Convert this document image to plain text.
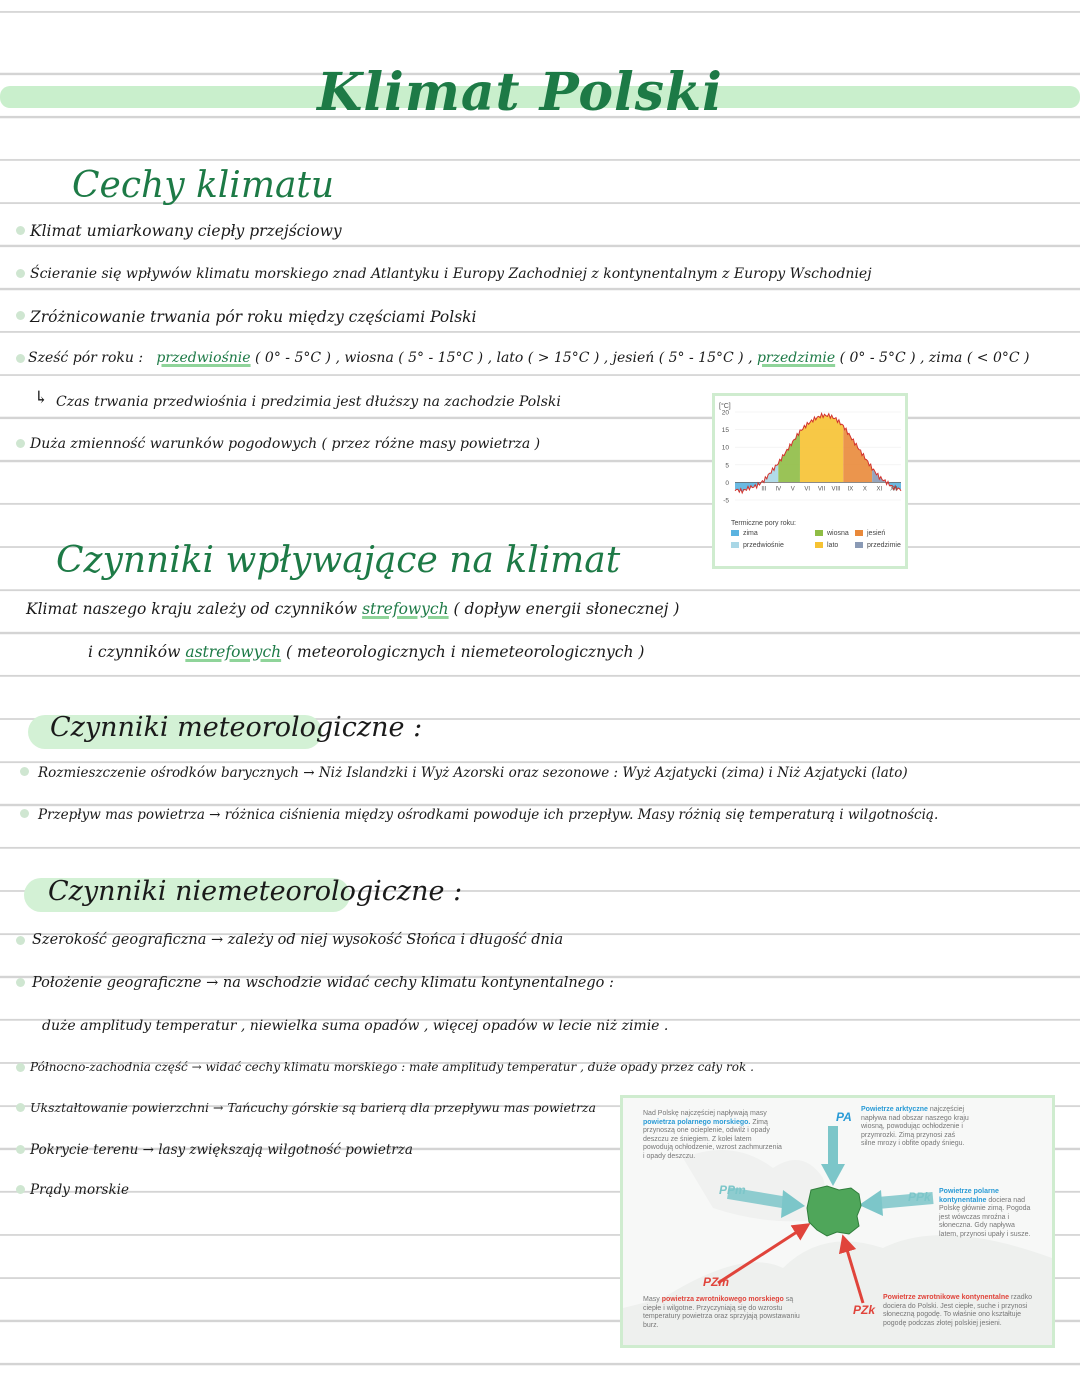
Klimat Polski
Cechy klimatu
Klimat umiarkowany ciepły przejściowy
Ścieranie się wpływów klimatu morskiego znad Atlantyku i Europy Zachodniej z kontynentalnym z Europy Wschodniej
Zróżnicowanie trwania pór roku między częściami Polski
Sześć pór roku : przedwiośnie ( 0° - 5°C ) , wiosna ( 5° - 15°C ) , lato ( > 15°C ) , jesień ( 5° - 15°C ) , przedzimie ( 0° - 5°C ) , zima ( < 0°C )
↳ Czas trwania przedwiośnia i predzimia jest dłuższy na zachodzie Polski
Duża zmienność warunków pogodowych ( przez różne masy powietrza )
[°C]
20
15
10
5
0
-5
III IV V VI VII VIII IX X XI XII
Termiczne pory roku:
zima
przedwiośnie
wiosna
lato
jesień
przedzimie
Czynniki wpływające na klimat
Klimat naszego kraju zależy od czynników strefowych ( dopływ energii słonecznej )
i czynników astrefowych ( meteorologicznych i niemeteorologicznych )
Czynniki meteorologiczne :
Rozmieszczenie ośrodków barycznych → Niż Islandzki i Wyż Azorski oraz sezonowe : Wyż Azjatycki (zima) i Niż Azjatycki (lato)
Przepływ mas powietrza → różnica ciśnienia między ośrodkami powoduje ich przepływ. Masy różnią się temperaturą i wilgotnością.
Czynniki niemeteorologiczne :
Szerokość geograficzna → zależy od niej wysokość Słońca i długość dnia
Położenie geograficzne → na wschodzie widać cechy klimatu kontynentalnego :
duże amplitudy temperatur , niewielka suma opadów , więcej opadów w lecie niż zimie .
Północno-zachodnia część → widać cechy klimatu morskiego : małe amplitudy temperatur , duże opady przez cały rok .
Ukształtowanie powierzchni → Tańcuchy górskie są barierą dla przepływu mas powietrza
Pokrycie terenu → lasy zwiększają wilgotność powietrza
Prądy morskie
PA
PPm	PPk
PZm
PZk
Nad Polskę najczęściej napływają masy powietrza polarnego morskiego. Zimą przynoszą one ocieplenie, odwilż i opady deszczu ze śniegiem. Z kolei latem powodują ochłodzenie, wzrost zachmurzenia i opady deszczu.
Powietrze arktyczne najczęściej napływa nad obszar naszego kraju wiosną, powodując ochłodzenie i przymrozki. Zimą przynosi zaś silne mrozy i obfite opady śniegu.
Powietrze polarne kontynentalne dociera nad Polskę głównie zimą. Pogoda jest wówczas mroźna i słoneczna. Gdy napływa latem, przynosi upały i susze.
Masy powietrza zwrotnikowego morskiego są ciepłe i wilgotne. Przyczyniają się do wzrostu temperatury powietrza oraz sprzyjają powstawaniu burz.
Powietrze zwrotnikowe kontynentalne rzadko dociera do Polski. Jest ciepłe, suche i przynosi słoneczną pogodę. To właśnie ono kształtuje pogodę podczas złotej polskiej jesieni.
